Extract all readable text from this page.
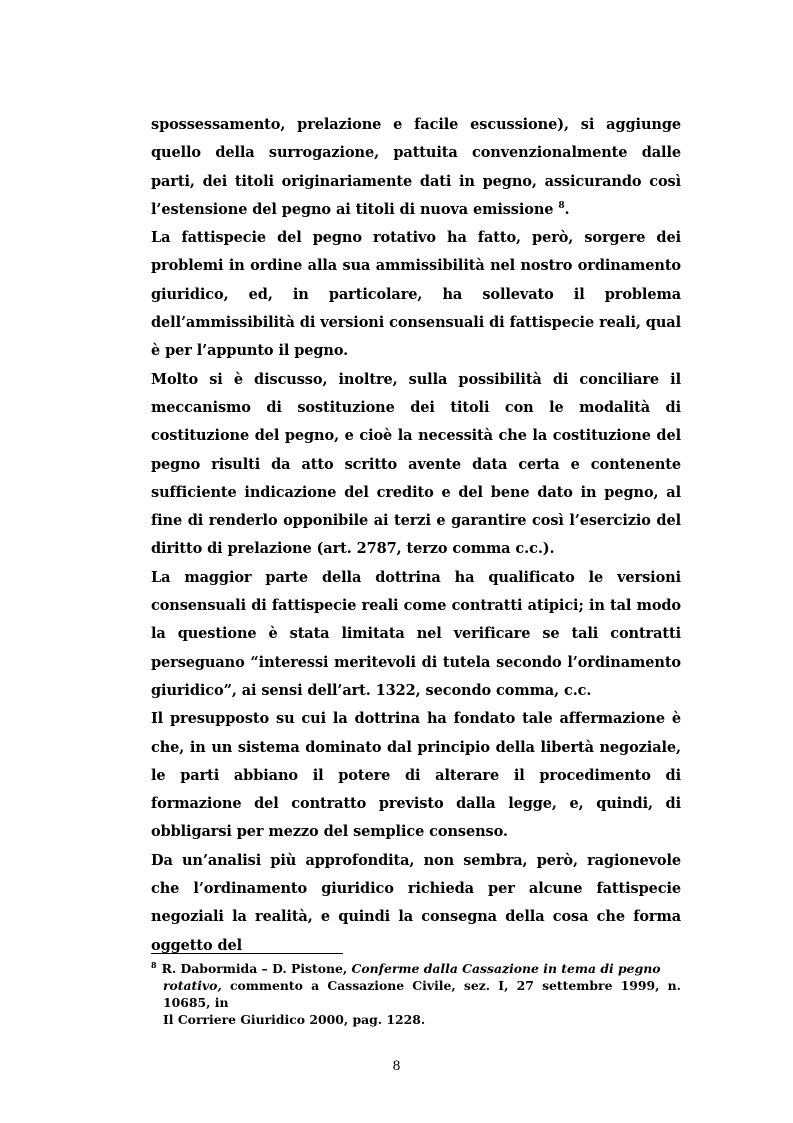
spossessamento, prelazione e facile escussione), si aggiunge quello della surrogazione, pattuita convenzionalmente dalle parti, dei titoli originariamente dati in pegno, assicurando così l’estensione del pegno ai titoli di nuova emissione $^8$.

La fattispecie del pegno rotativo ha fatto, però, sorgere dei problemi in ordine alla sua ammissibilità nel nostro ordinamento giuridico, ed, in particolare, ha sollevato il problema dell’ammissibilità di versioni consensuali di fattispecie reali, qual è per l’appunto il pegno.

Molto si è discusso, inoltre, sulla possibilità di conciliare il meccanismo di sostituzione dei titoli con le modalità di costituzione del pegno, e cioè la necessità che la costituzione del pegno risulti da atto scritto avente data certa e contenente sufficiente indicazione del credito e del bene dato in pegno, al fine di renderlo opponibile ai terzi e garantire così l’esercizio del diritto di prelazione (art. 2787, terzo comma c.c.).

La maggior parte della dottrina ha qualificato le versioni consensuali di fattispecie reali come contratti atipici; in tal modo la questione è stata limitata nel verificare se tali contratti perseguano “interessi meritevoli di tutela secondo l’ordinamento giuridico”, ai sensi dell’art. 1322, secondo comma, c.c.

Il presupposto su cui la dottrina ha fondato tale affermazione è che, in un sistema dominato dal principio della libertà negoziale, le parti abbiano il potere di alterare il procedimento di formazione del contratto previsto dalla legge, e, quindi, di obbligarsi per mezzo del semplice consenso.

Da un’analisi più approfondita, non sembra, però, ragionevole che l’ordinamento giuridico richieda per alcune fattispecie negoziali la realità, e quindi la consegna della cosa che forma oggetto del

$^8$ R. Dabormida – D. Pistone, Conferme dalla Cassazione in tema di pegno
rotativo, commento a Cassazione Civile, sez. I, 27 settembre 1999, n. 10685, in
Il Corriere Giuridico 2000, pag. 1228.
8
